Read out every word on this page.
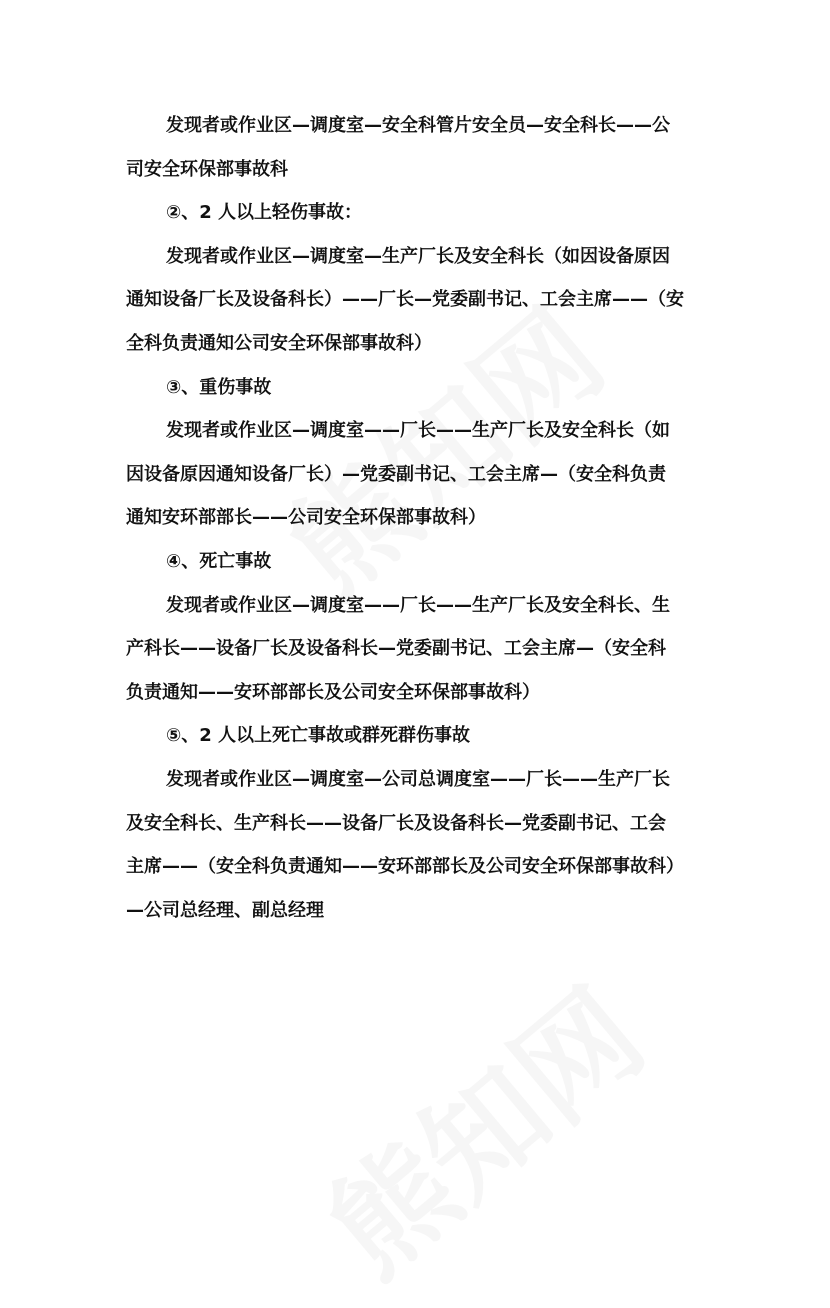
发现者或作业区—调度室—安全科管片安全员—安全科长——公
司安全环保部事故科
②、2 人以上轻伤事故：
发现者或作业区—调度室—生产厂长及安全科长（如因设备原因
通知设备厂长及设备科长）——厂长—党委副书记、工会主席——（安
全科负责通知公司安全环保部事故科）
③、重伤事故
发现者或作业区—调度室——厂长——生产厂长及安全科长（如
因设备原因通知设备厂长）—党委副书记、工会主席—（安全科负责
通知安环部部长——公司安全环保部事故科）
④、死亡事故
发现者或作业区—调度室——厂长——生产厂长及安全科长、生
产科长——设备厂长及设备科长—党委副书记、工会主席—（安全科
负责通知——安环部部长及公司安全环保部事故科）
⑤、2 人以上死亡事故或群死群伤事故
发现者或作业区—调度室—公司总调度室——厂长——生产厂长
及安全科长、生产科长——设备厂长及设备科长—党委副书记、工会
主席——（安全科负责通知——安环部部长及公司安全环保部事故科）
—公司总经理、副总经理
